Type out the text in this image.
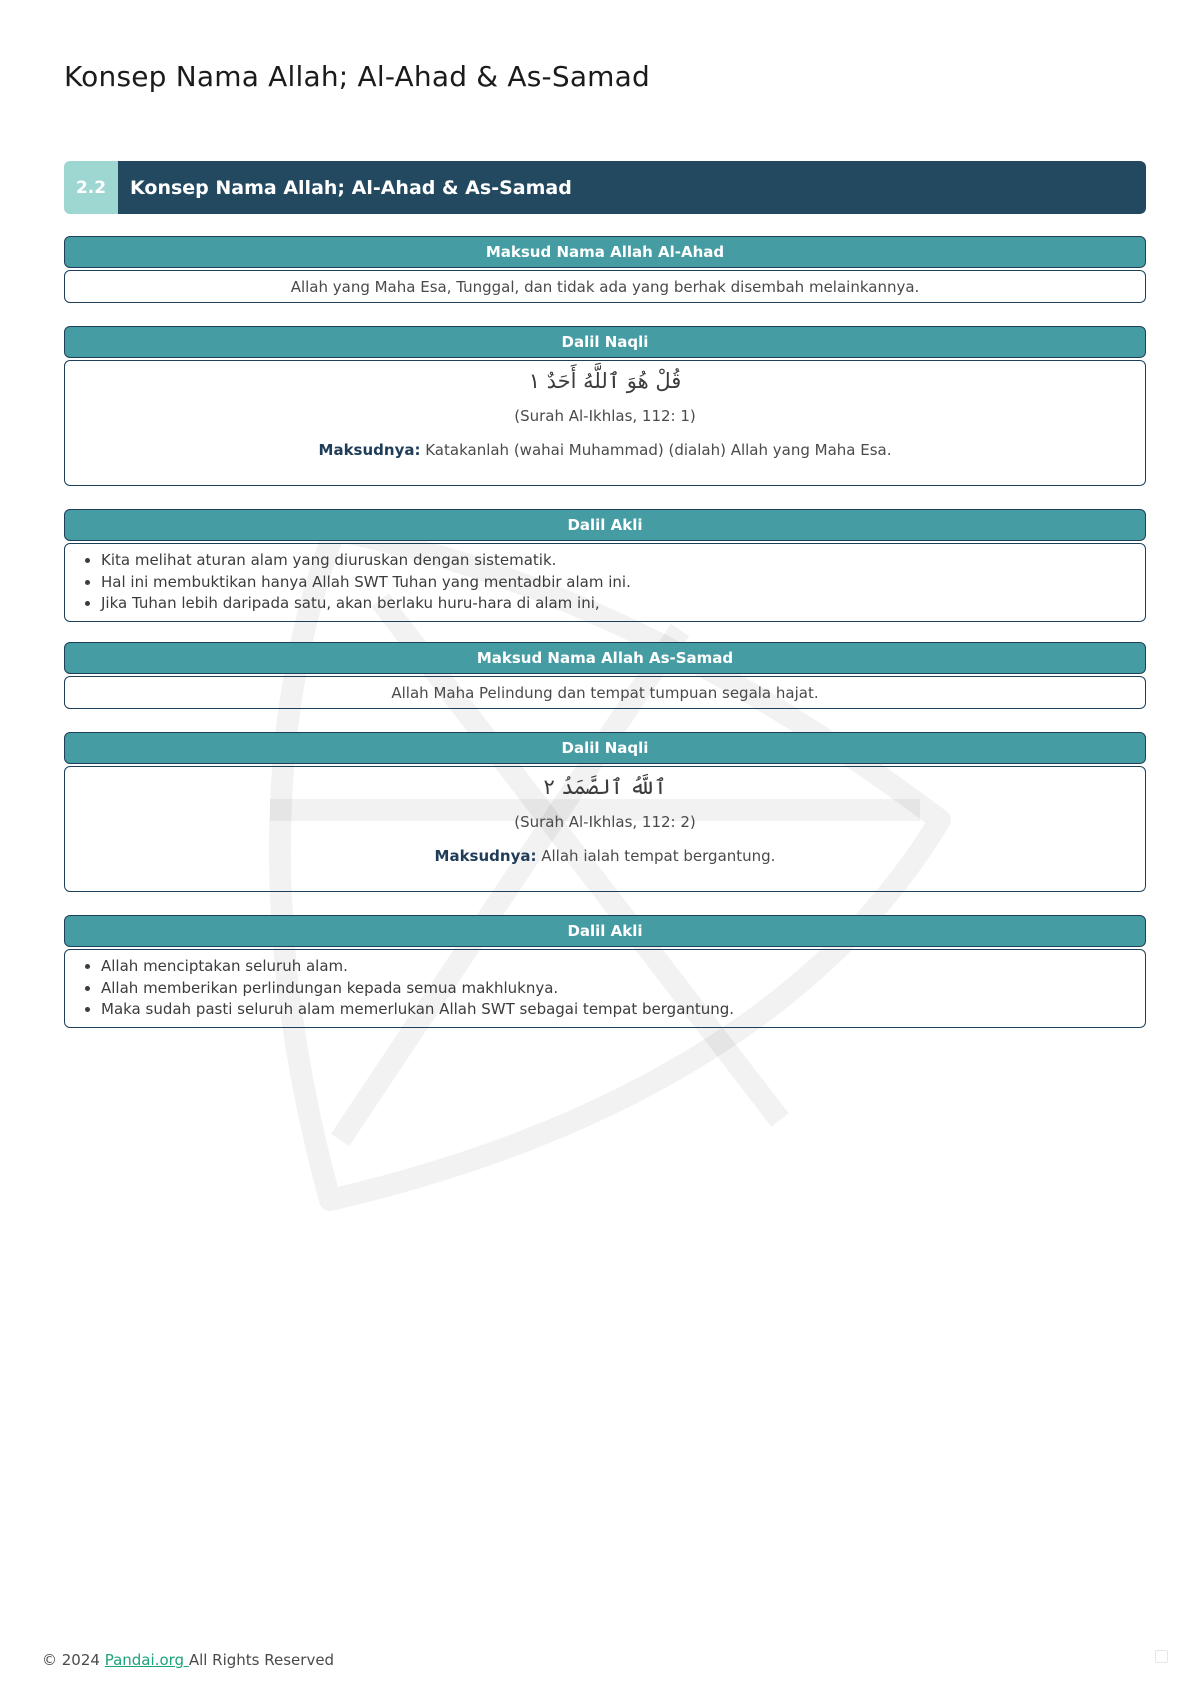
Konsep Nama Allah; Al-Ahad & As-Samad
2.2	Konsep Nama Allah; Al-Ahad & As-Samad
Maksud Nama Allah Al-Ahad
Allah yang Maha Esa, Tunggal, dan tidak ada yang berhak disembah melainkannya.
Dalil Naqli
قُلْ هُوَ ٱللَّهُ أَحَدٌ ١
(Surah Al-Ikhlas, 112: 1)
Maksudnya: Katakanlah (wahai Muhammad) (dialah) Allah yang Maha Esa.
Dalil Akli
• Kita melihat aturan alam yang diuruskan dengan sistematik.
• Hal ini membuktikan hanya Allah SWT Tuhan yang mentadbir alam ini.
• Jika Tuhan lebih daripada satu, akan berlaku huru-hara di alam ini,
Maksud Nama Allah As-Samad
Allah Maha Pelindung dan tempat tumpuan segala hajat.
Dalil Naqli
ٱللَّهُ ٱلصَّمَدُ ٢
(Surah Al-Ikhlas, 112: 2)
Maksudnya: Allah ialah tempat bergantung.
Dalil Akli
• Allah menciptakan seluruh alam.
• Allah memberikan perlindungan kepada semua makhluknya.
• Maka sudah pasti seluruh alam memerlukan Allah SWT sebagai tempat bergantung.
© 2024 Pandai.org All Rights Reserved
